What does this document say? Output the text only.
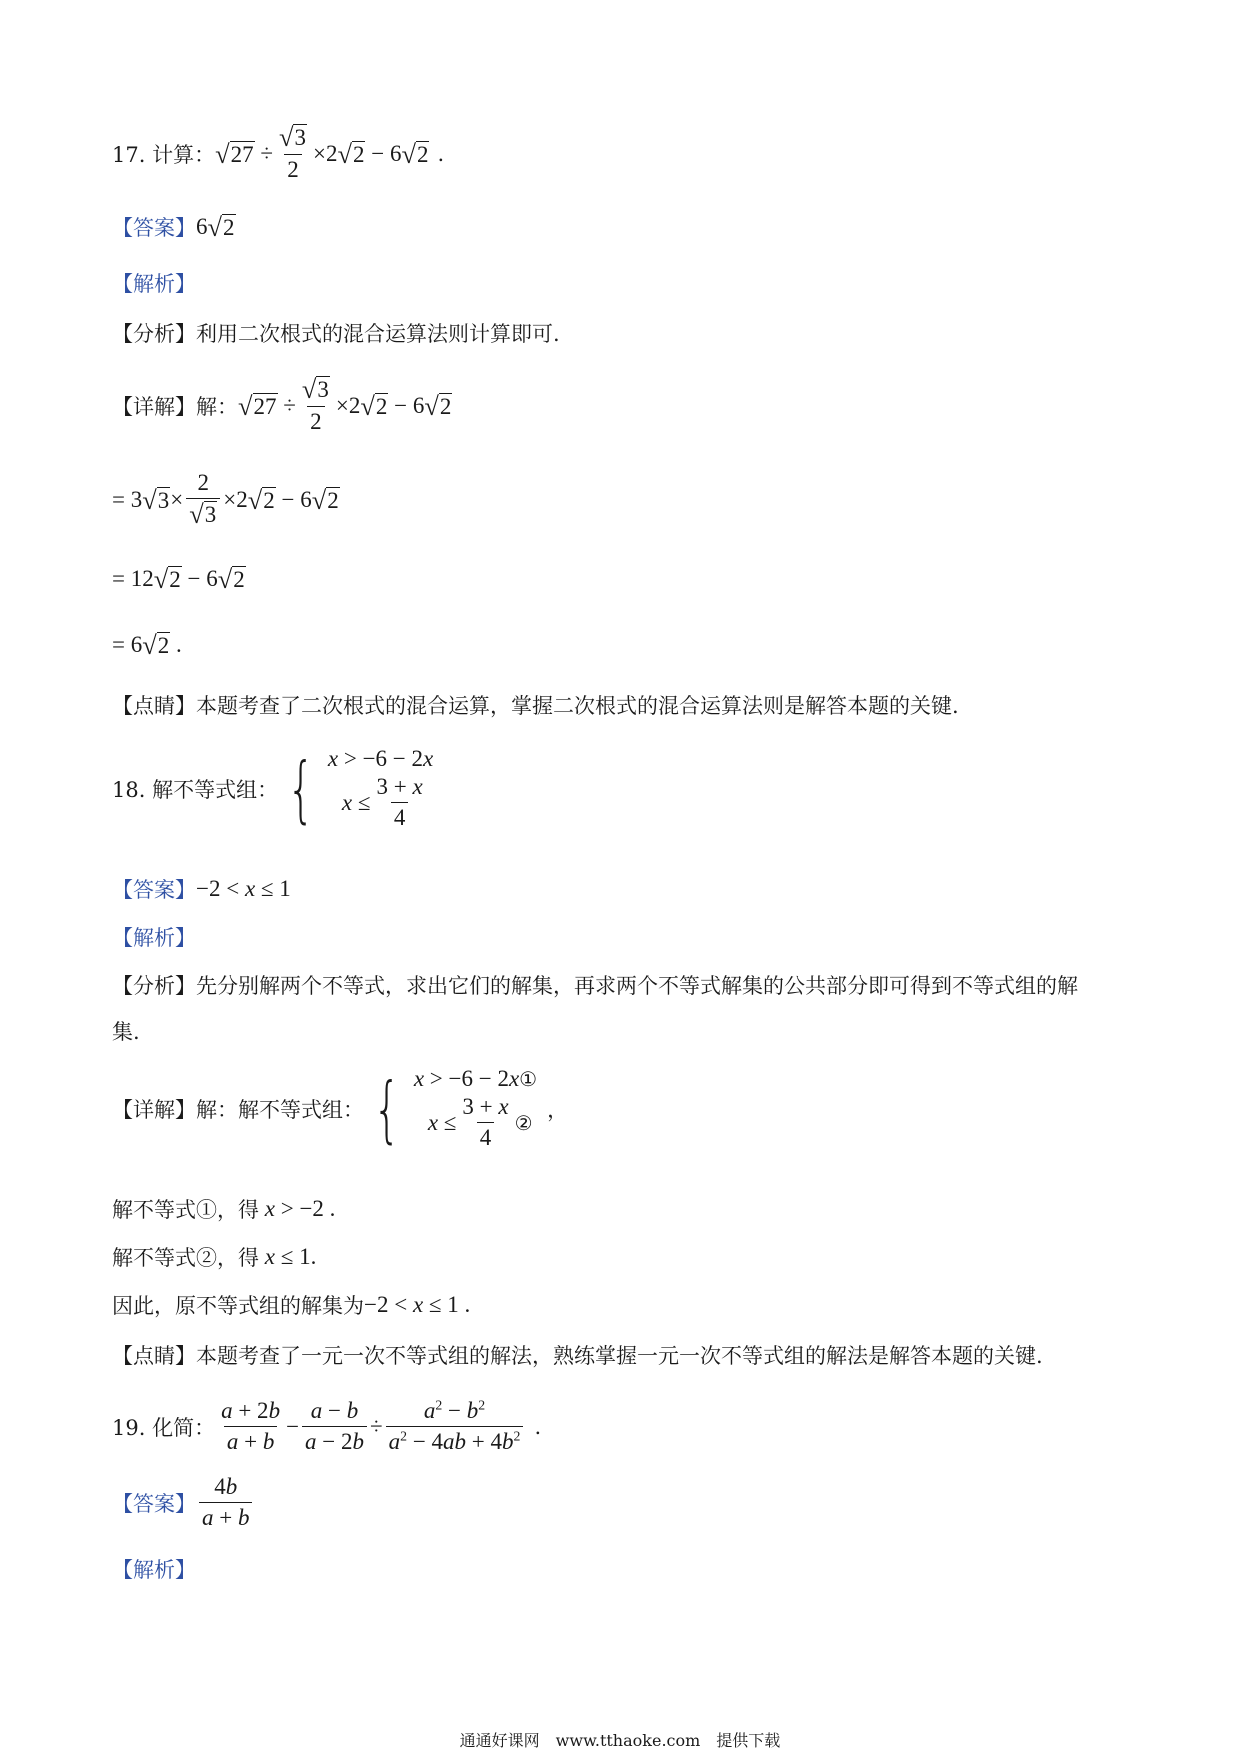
17. 计算： √ $27 \div \frac{√ 3}{2} \times 2$ √ 2 − 6 √ 2 .
【答案】 6 √ 2
【解析】
【分析】 利用二次根式的混合运算法则计算即可.
【详解】 解： √ $27 \div \frac{√ 3}{2} \times 2$ √ 2 − 6 √ 2
= 3 √ $3 \times \frac{2}{√ 3} \times 2$ √ 2 − 6 √ 2
= 12 √ 2 − 6 √ 2
= 6 √ 2 .
【点睛】 本题考查了二次根式的混合运算，掌握二次根式的混合运算法则是解答本题的关键.
18. 解不等式组： { x > −6 − 2 x
$x \le \frac{3 + x}{4}$
【答案】 −2 < x ≤ 1
【解析】
【分析】 先分别解两个不等式，求出它们的解集，再求两个不等式解集的公共部分即可得到不等式组的解
集.
【详解】 解：解不等式组： { x > −6 − 2 x ①
$x \le \frac{3 + x}{4}$ ②
，
解不等式①，得
x > −2 .
解不等式②，得
x ≤ 1.
因此，原不等式组的解集为 −2 < x ≤ 1 .
【点睛】 本题考查了一元一次不等式组的解法，熟练掌握一元一次不等式组的解法是解答本题的关键.
19. 化简： $\frac{a + 2b}{a + b} - \frac{a - b}{a - 2b} \div \frac{a^2 - b^2}{a^2 - 4ab + 4b^2}$ .
【答案】 $\frac{4b}{a + b}$
【解析】
通通好课网　www.tthaoke.com　提供下载
